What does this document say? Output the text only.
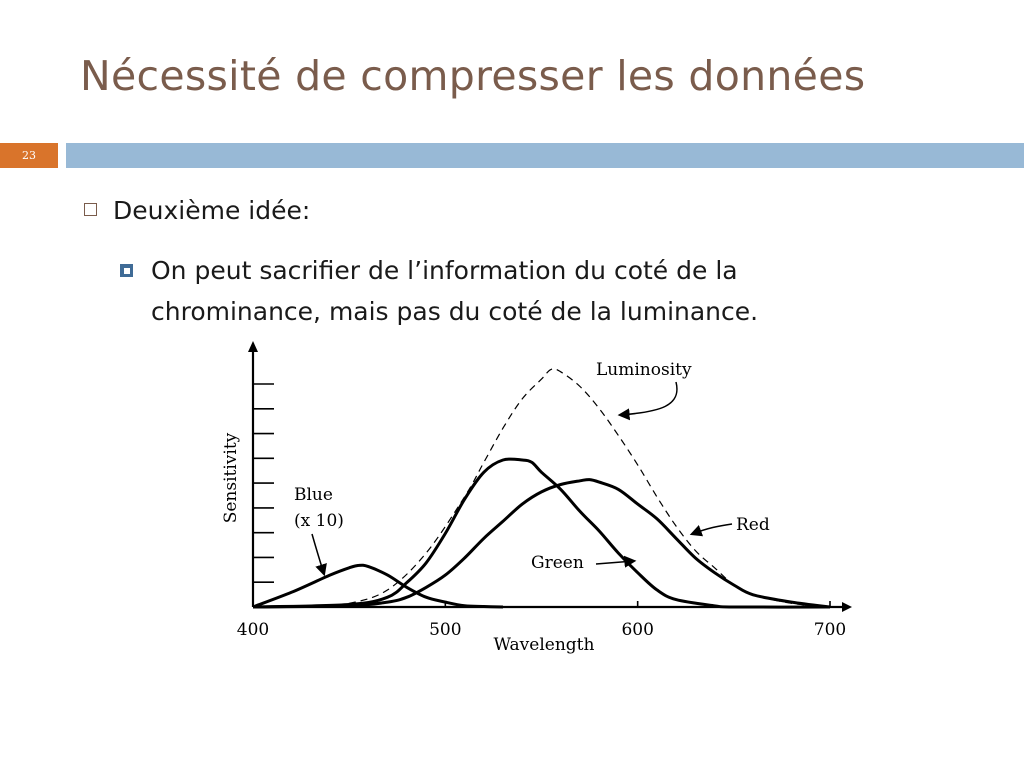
Nécessité de compresser les données
23
Deuxième idée:
On peut sacrifier de l’information du coté de la chrominance, mais pas du coté de la luminance.
400	500	600	700
Wavelength
Sensitivity
Luminosity
Red
Green
Blue
(x 10)
